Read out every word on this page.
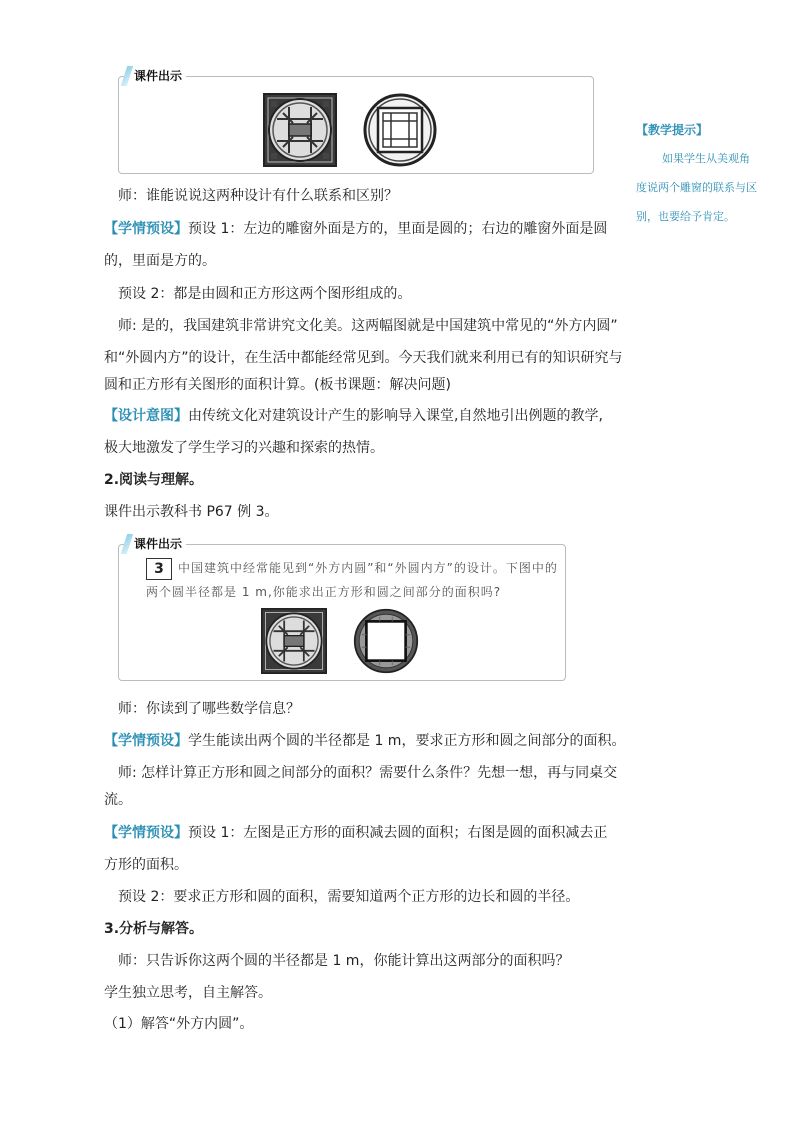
课件出示
【教学提示】
如果学生从美观角度说两个雕窗的联系与区别，也要给予肯定。
师：谁能说说这两种设计有什么联系和区别？
【学情预设】预设 1：左边的雕窗外面是方的，里面是圆的；右边的雕窗外面是圆
的，里面是方的。
预设 2：都是由圆和正方形这两个图形组成的。
师: 是的，我国建筑非常讲究文化美。这两幅图就是中国建筑中常见的“外方内圆”
和“外圆内方”的设计，在生活中都能经常见到。今天我们就来利用已有的知识研究与
圆和正方形有关图形的面积计算。(板书课题：解决问题)
【设计意图】由传统文化对建筑设计产生的影响导入课堂,自然地引出例题的教学,
极大地激发了学生学习的兴趣和探索的热情。
2.阅读与理解。
课件出示教科书 P67 例 3。
课件出示
3	中国建筑中经常能见到“外方内圆”和“外圆内方”的设计。下图中的
两个圆半径都是 1 m,你能求出正方形和圆之间部分的面积吗?
师：你读到了哪些数学信息？
【学情预设】学生能读出两个圆的半径都是 1 m，要求正方形和圆之间部分的面积。
师: 怎样计算正方形和圆之间部分的面积？需要什么条件？先想一想，再与同桌交
流。
【学情预设】预设 1：左图是正方形的面积减去圆的面积；右图是圆的面积减去正
方形的面积。
预设 2：要求正方形和圆的面积，需要知道两个正方形的边长和圆的半径。
3.分析与解答。
师：只告诉你这两个圆的半径都是 1 m，你能计算出这两部分的面积吗？
学生独立思考，自主解答。
（1）解答“外方内圆”。
